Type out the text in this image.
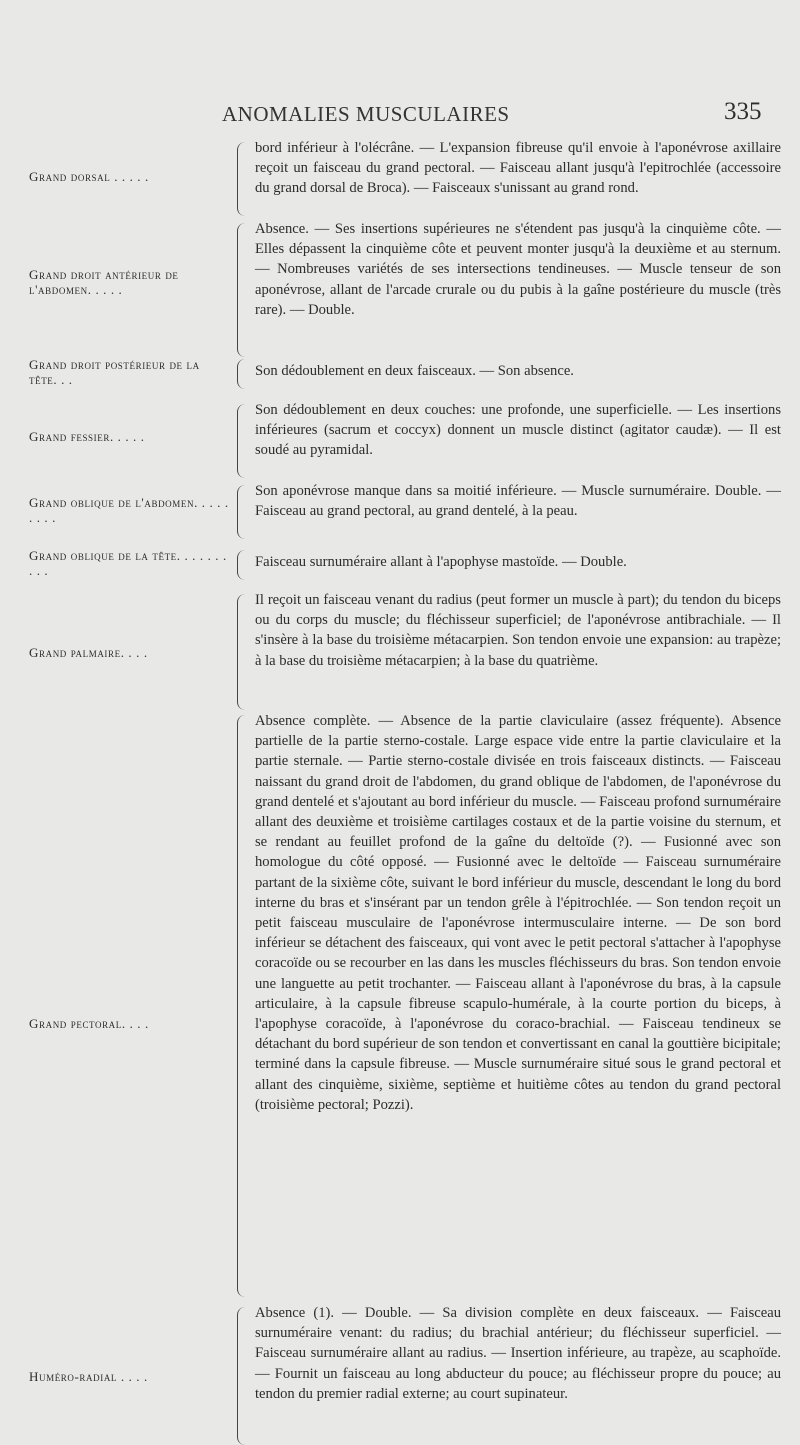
ANOMALIES MUSCULAIRES	335
Grand dorsal . . . . .
bord inférieur à l'olécrâne. — L'expansion fibreuse qu'il envoie à l'aponévrose axillaire reçoit un faisceau du grand pectoral. — Faisceau allant jusqu'à l'epitrochlée (accessoire du grand dorsal de Broca). — Faisceaux s'unissant au grand rond.
Grand droit antérieur de l'abdomen. . . . .
Absence. — Ses insertions supérieures ne s'étendent pas jusqu'à la cinquième côte. — Elles dépassent la cinquième côte et peuvent monter jusqu'à la deuxième et au sternum. — Nombreuses variétés de ses intersections tendineuses. — Muscle tenseur de son aponévrose, allant de l'arcade crurale ou du pubis à la gaîne postérieure du muscle (très rare). — Double.
Grand droit postérieur de la tête. . .
Son dédoublement en deux faisceaux. — Son absence.
Grand fessier. . . . .
Son dédoublement en deux couches: une profonde, une superficielle. — Les insertions inférieures (sacrum et coccyx) donnent un muscle distinct (agitator caudæ). — Il est soudé au pyramidal.
Grand oblique de l'abdomen. . . . . . . . .
Son aponévrose manque dans sa moitié inférieure. — Muscle surnuméraire. Double. — Faisceau au grand pectoral, au grand dentelé, à la peau.
Grand oblique de la tête. . . . . . . . . .
Faisceau surnuméraire allant à l'apophyse mastoïde. — Double.
Grand palmaire. . . .
Il reçoit un faisceau venant du radius (peut former un muscle à part); du tendon du biceps ou du corps du muscle; du fléchisseur superficiel; de l'aponévrose antibrachiale. — Il s'insère à la base du troisième métacarpien. Son tendon envoie une expansion: au trapèze; à la base du troisième métacarpien; à la base du quatrième.
Grand pectoral. . . .
Absence complète. — Absence de la partie claviculaire (assez fréquente). Absence partielle de la partie sterno-costale. Large espace vide entre la partie claviculaire et la partie sternale. — Partie sterno-costale divisée en trois faisceaux distincts. — Faisceau naissant du grand droit de l'abdomen, du grand oblique de l'abdomen, de l'aponévrose du grand dentelé et s'ajoutant au bord inférieur du muscle. — Faisceau profond surnuméraire allant des deuxième et troisième cartilages costaux et de la partie voisine du sternum, et se rendant au feuillet profond de la gaîne du deltoïde (?). — Fusionné avec son homologue du côté opposé. — Fusionné avec le deltoïde — Faisceau surnuméraire partant de la sixième côte, suivant le bord inférieur du muscle, descendant le long du bord interne du bras et s'insérant par un tendon grêle à l'épitrochlée. — Son tendon reçoit un petit faisceau musculaire de l'aponévrose intermusculaire interne. — De son bord inférieur se détachent des faisceaux, qui vont avec le petit pectoral s'attacher à l'apophyse coracoïde ou se recourber en las dans les muscles fléchisseurs du bras. Son tendon envoie une languette au petit trochanter. — Faisceau allant à l'aponévrose du bras, à la capsule articulaire, à la capsule fibreuse scapulo-humérale, à la courte portion du biceps, à l'apophyse coracoïde, à l'aponévrose du coraco-brachial. — Faisceau tendineux se détachant du bord supérieur de son tendon et convertissant en canal la gouttière bicipitale; terminé dans la capsule fibreuse. — Muscle surnuméraire situé sous le grand pectoral et allant des cinquième, sixième, septième et huitième côtes au tendon du grand pectoral (troisième pectoral; Pozzi).
Huméro-radial . . . .
Absence (1). — Double. — Sa division complète en deux faisceaux. — Faisceau surnuméraire venant: du radius; du brachial antérieur; du fléchisseur superficiel. — Faisceau surnuméraire allant au radius. — Insertion inférieure, au trapèze, au scaphoïde. — Fournit un faisceau au long abducteur du pouce; au fléchisseur propre du pouce; au tendon du premier radial externe; au court supinateur.
